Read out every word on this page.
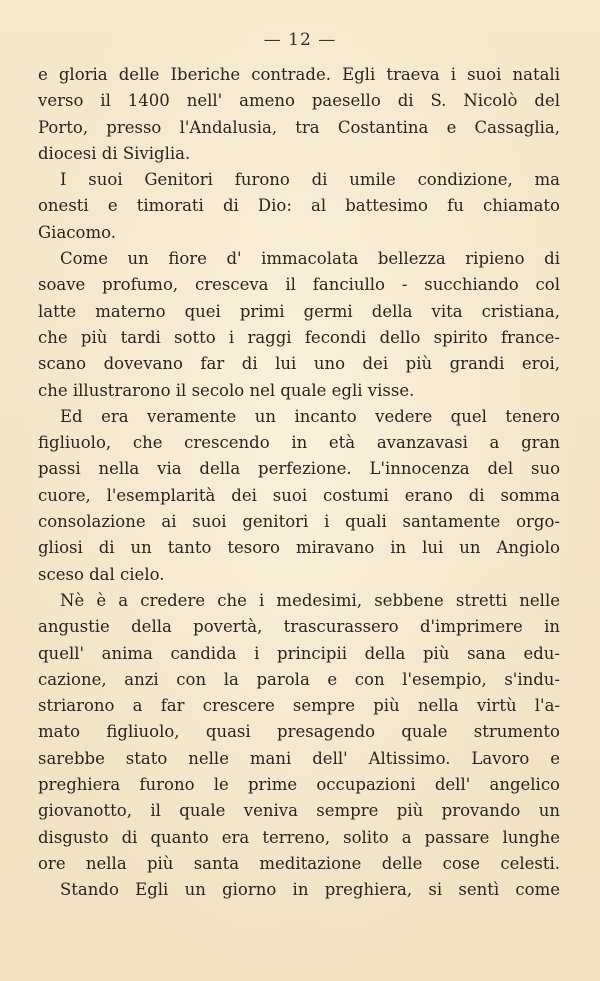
— 12 —

e gloria delle Iberiche contrade. Egli traeva i suoi natali
verso il 1400 nell' ameno paesello di S. Nicolò del
Porto, presso l'Andalusia, tra Costantina e Cassaglia,
diocesi di Siviglia.

I suoi Genitori furono di umile condizione, ma
onesti e timorati di Dio: al battesimo fu chiamato
Giacomo.

Come un fiore d' immacolata bellezza ripieno di
soave profumo, cresceva il fanciullo - succhiando col
latte materno quei primi germi della vita cristiana,
che più tardi sotto i raggi fecondi dello spirito france-
scano dovevano far di lui uno dei più grandi eroi,
che illustrarono il secolo nel quale egli visse.

Ed era veramente un incanto vedere quel tenero
figliuolo, che crescendo in età avanzavasi a gran
passi nella via della perfezione. L'innocenza del suo
cuore, l'esemplarità dei suoi costumi erano di somma
consolazione ai suoi genitori i quali santamente orgo-
gliosi di un tanto tesoro miravano in lui un Angiolo
sceso dal cielo.

Nè è a credere che i medesimi, sebbene stretti nelle
angustie della povertà, trascurassero d'imprimere in
quell' anima candida i principii della più sana edu-
cazione, anzi con la parola e con l'esempio, s'indu-
striarono a far crescere sempre più nella virtù l'a-
mato figliuolo, quasi presagendo quale strumento
sarebbe stato nelle mani dell' Altissimo. Lavoro e
preghiera furono le prime occupazioni dell' angelico
giovanotto, il quale veniva sempre più provando un
disgusto di quanto era terreno, solito a passare lunghe
ore nella più santa meditazione delle cose celesti.

Stando Egli un giorno in preghiera, si sentì come
